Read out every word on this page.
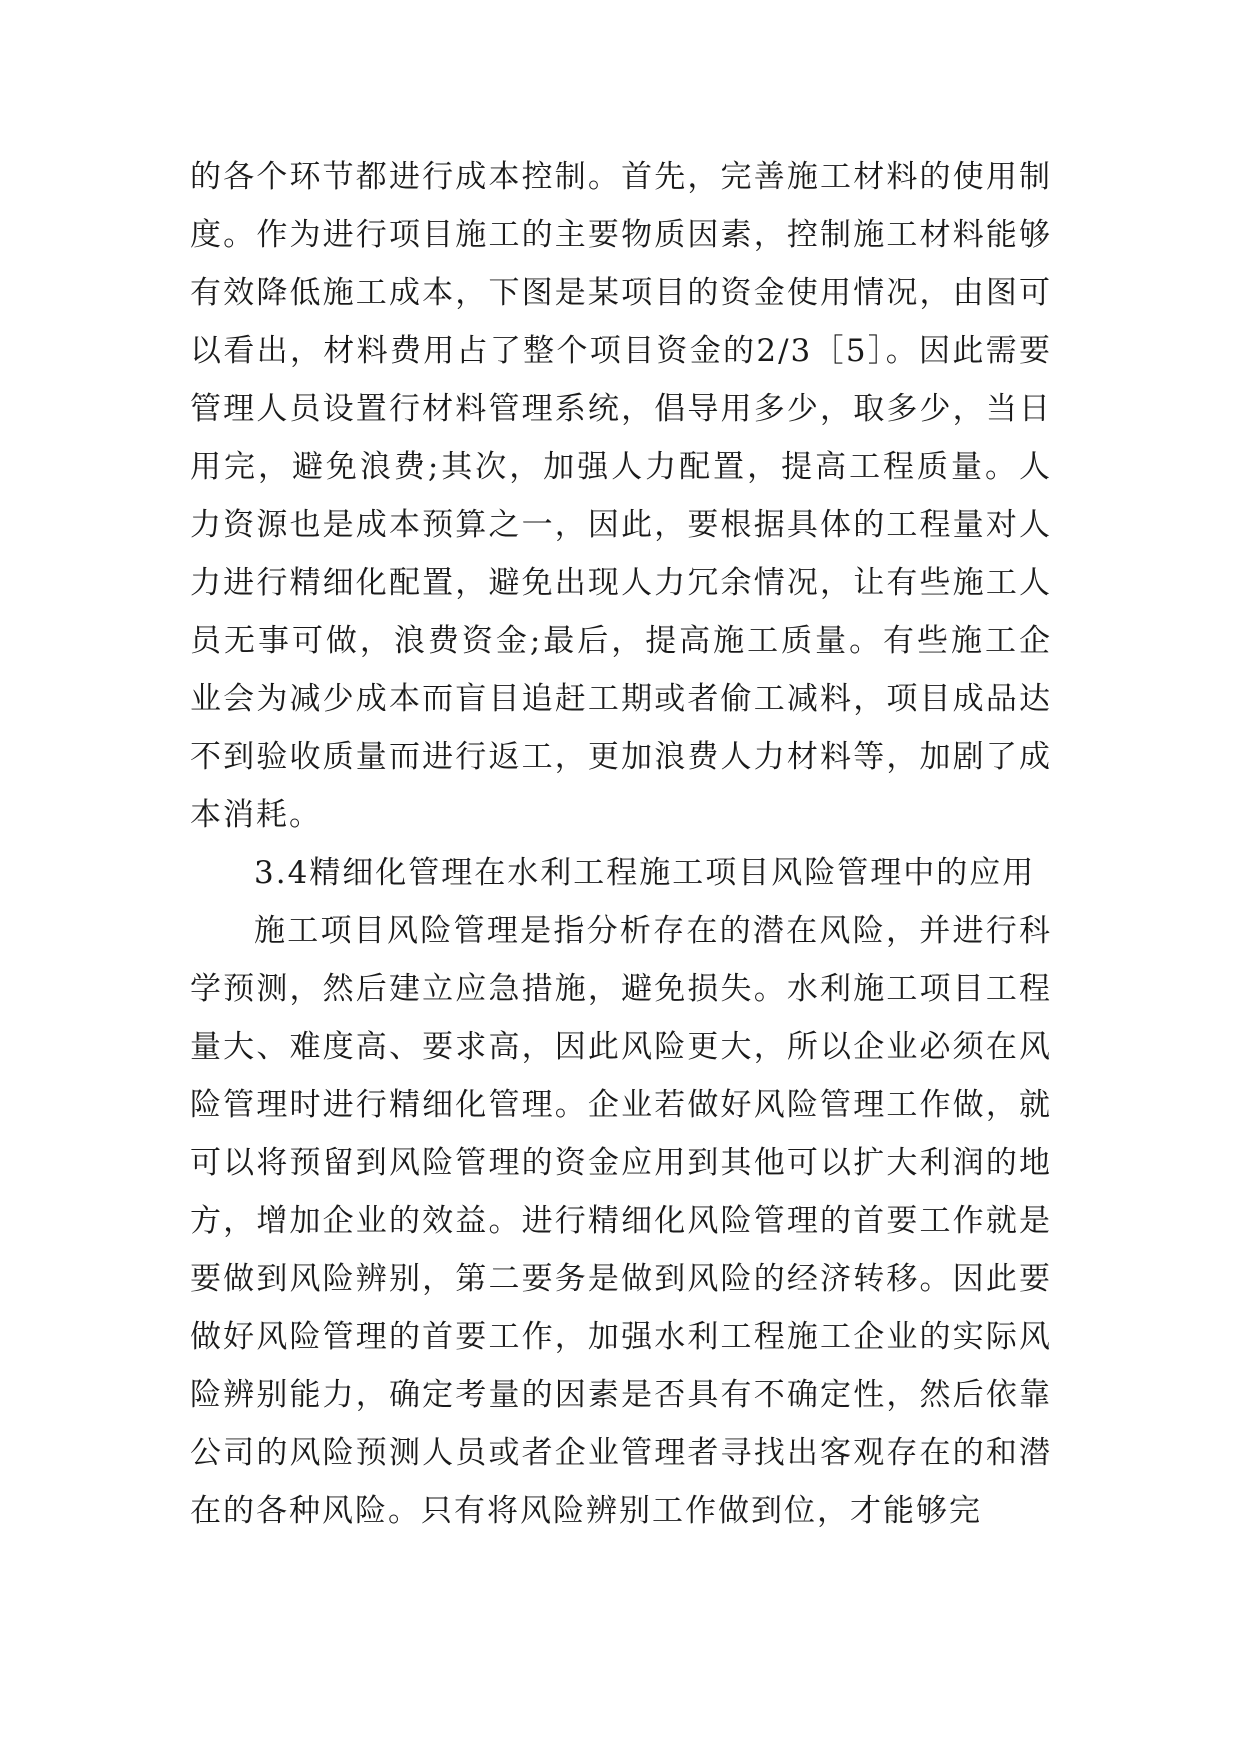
的各个环节都进行成本控制。首先，完善施工材料的使用制度。作为进行项目施工的主要物质因素，控制施工材料能够有效降低施工成本，下图是某项目的资金使用情况，由图可以看出，材料费用占了整个项目资金的2/3［5］。因此需要管理人员设置行材料管理系统，倡导用多少，取多少，当日用完，避免浪费;其次，加强人力配置，提高工程质量。人力资源也是成本预算之一，因此，要根据具体的工程量对人力进行精细化配置，避免出现人力冗余情况，让有些施工人员无事可做，浪费资金;最后，提高施工质量。有些施工企业会为减少成本而盲目追赶工期或者偷工减料，项目成品达不到验收质量而进行返工，更加浪费人力材料等，加剧了成本消耗。

3.4精细化管理在水利工程施工项目风险管理中的应用

施工项目风险管理是指分析存在的潜在风险，并进行科学预测，然后建立应急措施，避免损失。水利施工项目工程量大、难度高、要求高，因此风险更大，所以企业必须在风险管理时进行精细化管理。企业若做好风险管理工作做，就可以将预留到风险管理的资金应用到其他可以扩大利润的地方，增加企业的效益。进行精细化风险管理的首要工作就是要做到风险辨别，第二要务是做到风险的经济转移。因此要做好风险管理的首要工作，加强水利工程施工企业的实际风险辨别能力，确定考量的因素是否具有不确定性，然后依靠公司的风险预测人员或者企业管理者寻找出客观存在的和潜在的各种风险。只有将风险辨别工作做到位，才能够完
